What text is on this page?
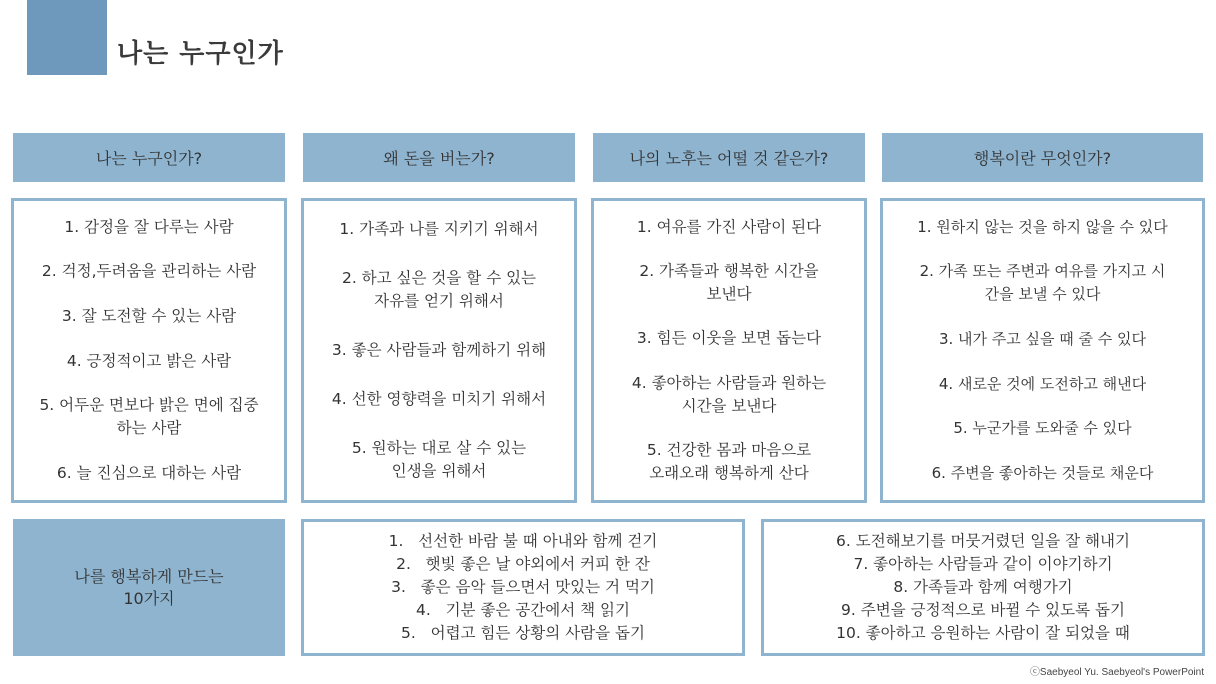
나는 누구인가
나는 누구인가?
1. 감정을 잘 다루는 사람
2. 걱정,두려움을 관리하는 사람
3. 잘 도전할 수 있는 사람
4. 긍정적이고 밝은 사람
5. 어두운 면보다 밝은 면에 집중
하는 사람
6. 늘 진심으로 대하는 사람
왜 돈을 버는가?
1. 가족과 나를 지키기 위해서
2. 하고 싶은 것을 할 수 있는
자유를 얻기 위해서
3. 좋은 사람들과 함께하기 위해
4. 선한 영향력을 미치기 위해서
5. 원하는 대로 살 수 있는
인생을 위해서
나의 노후는 어떨 것 같은가?
1. 여유를 가진 사람이 된다
2. 가족들과 행복한 시간을
보낸다
3. 힘든 이웃을 보면 돕는다
4. 좋아하는 사람들과 원하는
시간을 보낸다
5. 건강한 몸과 마음으로
오래오래 행복하게 산다
행복이란 무엇인가?
1. 원하지 않는 것을 하지 않을 수 있다
2. 가족 또는 주변과 여유를 가지고 시
간을 보낼 수 있다
3. 내가 주고 싶을 때 줄 수 있다
4. 새로운 것에 도전하고 해낸다
5. 누군가를 도와줄 수 있다
6. 주변을 좋아하는 것들로 채운다
나를 행복하게 만드는
10가지
1.   선선한 바람 불 때 아내와 함께 걷기
2.   햇빛 좋은 날 야외에서 커피 한 잔
3.   좋은 음악 들으면서 맛있는 거 먹기
4.   기분 좋은 공간에서 책 읽기
5.   어렵고 힘든 상황의 사람을 돕기
6. 도전해보기를 머뭇거렸던 일을 잘 해내기
7. 좋아하는 사람들과 같이 이야기하기
8. 가족들과 함께 여행가기
9. 주변을 긍정적으로 바뀔 수 있도록 돕기
10. 좋아하고 응원하는 사람이 잘 되었을 때
ⓒSaebyeol Yu. Saebyeol's PowerPoint
